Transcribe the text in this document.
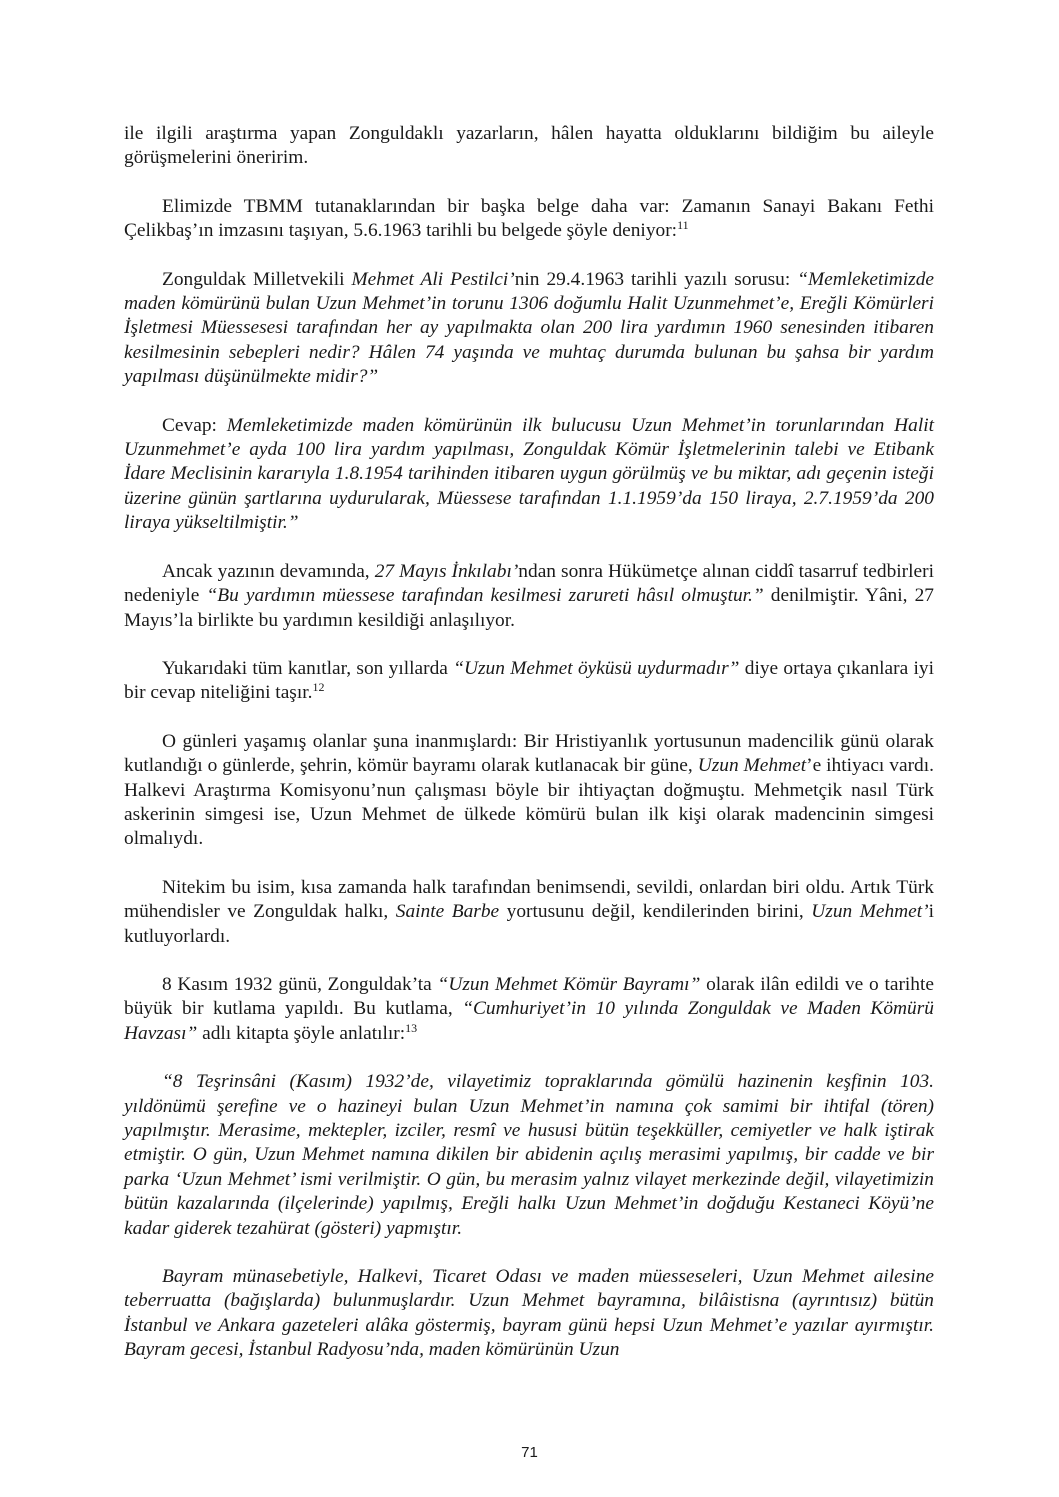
ile ilgili araştırma yapan Zonguldaklı yazarların, hâlen hayatta olduklarını bildiğim bu aileyle görüşmelerini öneririm.

Elimizde TBMM tutanaklarından bir başka belge daha var: Zamanın Sanayi Bakanı Fethi Çelikbaş’ın imzasını taşıyan, 5.6.1963 tarihli bu belgede şöyle deniyor:$^{11}$

Zonguldak Milletvekili Mehmet Ali Pestilci’nin 29.4.1963 tarihli yazılı sorusu: “Memleketimizde maden kömürünü bulan Uzun Mehmet’in torunu 1306 doğumlu Halit Uzunmehmet’e, Ereğli Kömürleri İşletmesi Müessesesi tarafından her ay yapılmakta olan 200 lira yardımın 1960 senesinden itibaren kesilmesinin sebepleri nedir? Hâlen 74 yaşında ve muhtaç durumda bulunan bu şahsa bir yardım yapılması düşünülmekte midir?”

Cevap: Memleketimizde maden kömürünün ilk bulucusu Uzun Mehmet’in torunlarından Halit Uzunmehmet’e ayda 100 lira yardım yapılması, Zonguldak Kömür İşletmelerinin talebi ve Etibank İdare Meclisinin kararıyla 1.8.1954 tarihinden itibaren uygun görülmüş ve bu miktar, adı geçenin isteği üzerine günün şartlarına uydurularak, Müessese tarafından 1.1.1959’da 150 liraya, 2.7.1959’da 200 liraya yükseltilmiştir.”

Ancak yazının devamında, 27 Mayıs İnkılabı’ndan sonra Hükümetçe alınan ciddî tasarruf tedbirleri nedeniyle “Bu yardımın müessese tarafından kesilmesi zarureti hâsıl olmuştur.” denilmiştir. Yâni, 27 Mayıs’la birlikte bu yardımın kesildiği anlaşılıyor.

Yukarıdaki tüm kanıtlar, son yıllarda “Uzun Mehmet öyküsü uydurmadır” diye ortaya çıkanlara iyi bir cevap niteliğini taşır.$^{12}$

O günleri yaşamış olanlar şuna inanmışlardı: Bir Hristiyanlık yortusunun madencilik günü olarak kutlandığı o günlerde, şehrin, kömür bayramı olarak kutlanacak bir güne, Uzun Mehmet’e ihtiyacı vardı. Halkevi Araştırma Komisyonu’nun çalışması böyle bir ihtiyaçtan doğmuştu. Mehmetçik nasıl Türk askerinin simgesi ise, Uzun Mehmet de ülkede kömürü bulan ilk kişi olarak madencinin simgesi olmalıydı.

Nitekim bu isim, kısa zamanda halk tarafından benimsendi, sevildi, onlardan biri oldu. Artık Türk mühendisler ve Zonguldak halkı, Sainte Barbe yortusunu değil, kendilerinden birini, Uzun Mehmet’i kutluyorlardı.

8 Kasım 1932 günü, Zonguldak’ta “Uzun Mehmet Kömür Bayramı” olarak ilân edildi ve o tarihte büyük bir kutlama yapıldı. Bu kutlama, “Cumhuriyet’in 10 yılında Zonguldak ve Maden Kömürü Havzası” adlı kitapta şöyle anlatılır:$^{13}$

“8 Teşrinsâni (Kasım) 1932’de, vilayetimiz topraklarında gömülü hazinenin keşfinin 103. yıldönümü şerefine ve o hazineyi bulan Uzun Mehmet’in namına çok samimi bir ihtifal (tören) yapılmıştır. Merasime, mektepler, izciler, resmî ve hususi bütün teşekküller, cemiyetler ve halk iştirak etmiştir. O gün, Uzun Mehmet namına dikilen bir abidenin açılış merasimi yapılmış, bir cadde ve bir parka ‘Uzun Mehmet’ ismi verilmiştir. O gün, bu merasim yalnız vilayet merkezinde değil, vilayetimizin bütün kazalarında (ilçelerinde) yapılmış, Ereğli halkı Uzun Mehmet’in doğduğu Kestaneci Köyü’ne kadar giderek tezahürat (gösteri) yapmıştır.

Bayram münasebetiyle, Halkevi, Ticaret Odası ve maden müesseseleri, Uzun Mehmet ailesine teberruatta (bağışlarda) bulunmuşlardır. Uzun Mehmet bayramına, bilâistisna (ayrıntısız) bütün İstanbul ve Ankara gazeteleri alâka göstermiş, bayram günü hepsi Uzun Mehmet’e yazılar ayırmıştır. Bayram gecesi, İstanbul Radyosu’nda, maden kömürünün Uzun

71
